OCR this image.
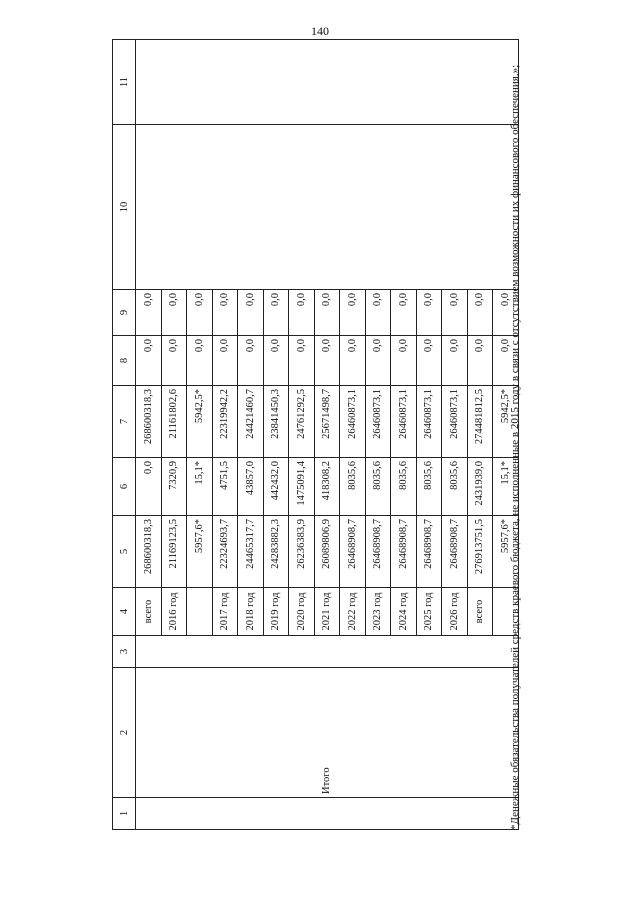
140
1	2	3	4	5	6	7	8	9	10	11
	Итого		всего	268600318,3	0,0	268600318,3	0,0	0,0		
			2016 год	21169123,5	7320,9	21161802,6	0,0	0,0		
				5957,6*	15,1*	5942,5*	0,0	0,0		
			2017 год	22324693,7	4751,5	22319942,2	0,0	0,0		
			2018 год	24465317,7	43857,0	24421460,7	0,0	0,0		
			2019 год	24283882,3	442432,0	23841450,3	0,0	0,0		
			2020 год	26236383,9	1475091,4	24761292,5	0,0	0,0		
			2021 год	26089806,9	418308,2	25671498,7	0,0	0,0		
			2022 год	26468908,7	8035,6	26460873,1	0,0	0,0		
			2023 год	26468908,7	8035,6	26460873,1	0,0	0,0		
			2024 год	26468908,7	8035,6	26460873,1	0,0	0,0		
			2025 год	26468908,7	8035,6	26460873,1	0,0	0,0		
			2026 год	26468908,7	8035,6	26460873,1	0,0	0,0		
			всего	276913751,5	2431939,0	274481812,5	0,0	0,0		
				5957,6*	15,1*	5942,5*	0,0	0,0		
*Денежные обязательства получателей средств краевого бюджета, не исполненные в 2015 году в связи с отсутствием возможности их финансового обеспечения.»;
